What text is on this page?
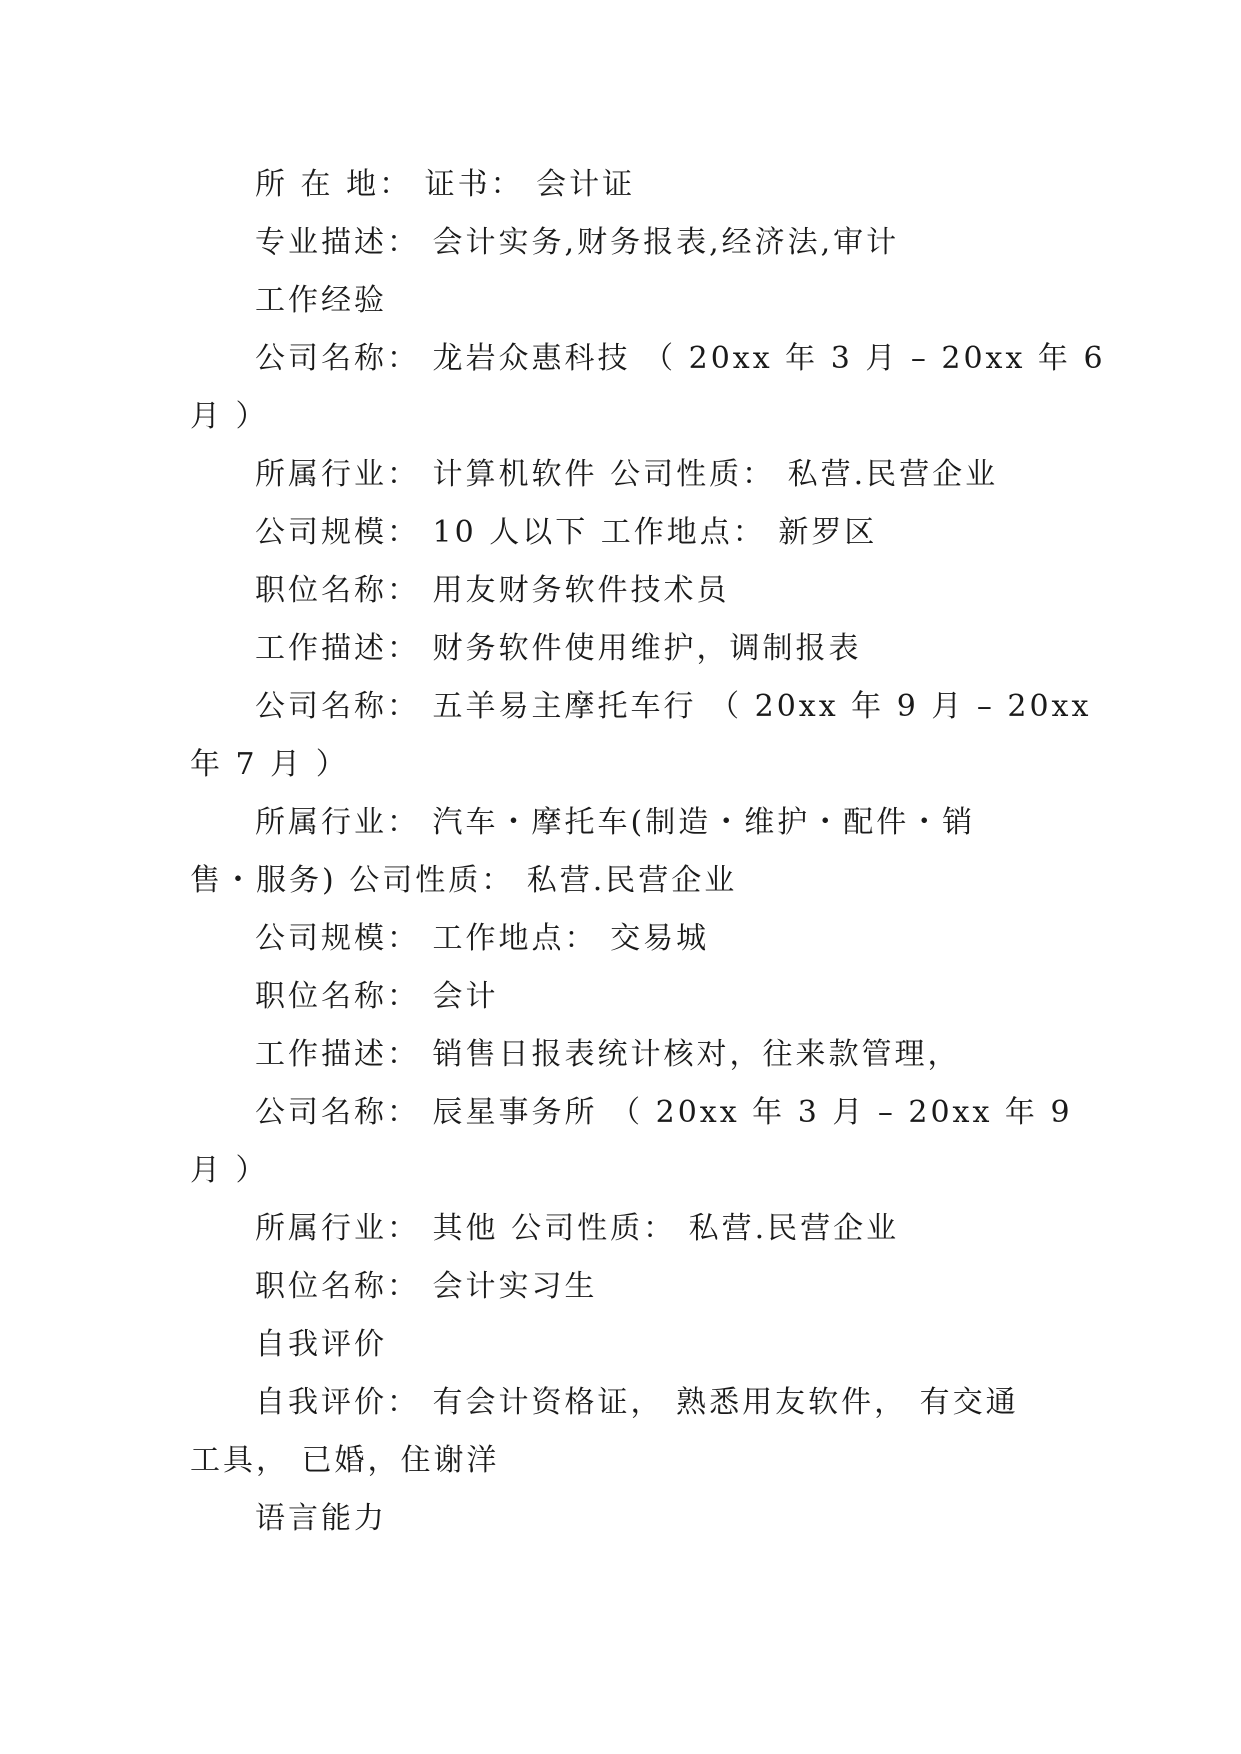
所 在 地： 证书： 会计证
专业描述： 会计实务,财务报表,经济法,审计
工作经验
公司名称： 龙岩众惠科技 （ 20xx 年 3 月 – 20xx 年 6
月 ）
所属行业： 计算机软件 公司性质： 私营.民营企业
公司规模： 10 人以下 工作地点： 新罗区
职位名称： 用友财务软件技术员
工作描述： 财务软件使用维护，调制报表
公司名称： 五羊易主摩托车行 （ 20xx 年 9 月 – 20xx
年 7 月 ）
所属行业： 汽车・摩托车(制造・维护・配件・销
售・服务) 公司性质： 私营.民营企业
公司规模： 工作地点： 交易城
职位名称： 会计
工作描述： 销售日报表统计核对，往来款管理，
公司名称： 辰星事务所 （ 20xx 年 3 月 – 20xx 年 9
月 ）
所属行业： 其他 公司性质： 私营.民营企业
职位名称： 会计实习生
自我评价
自我评价： 有会计资格证， 熟悉用友软件， 有交通
工具， 已婚，住谢洋
语言能力
